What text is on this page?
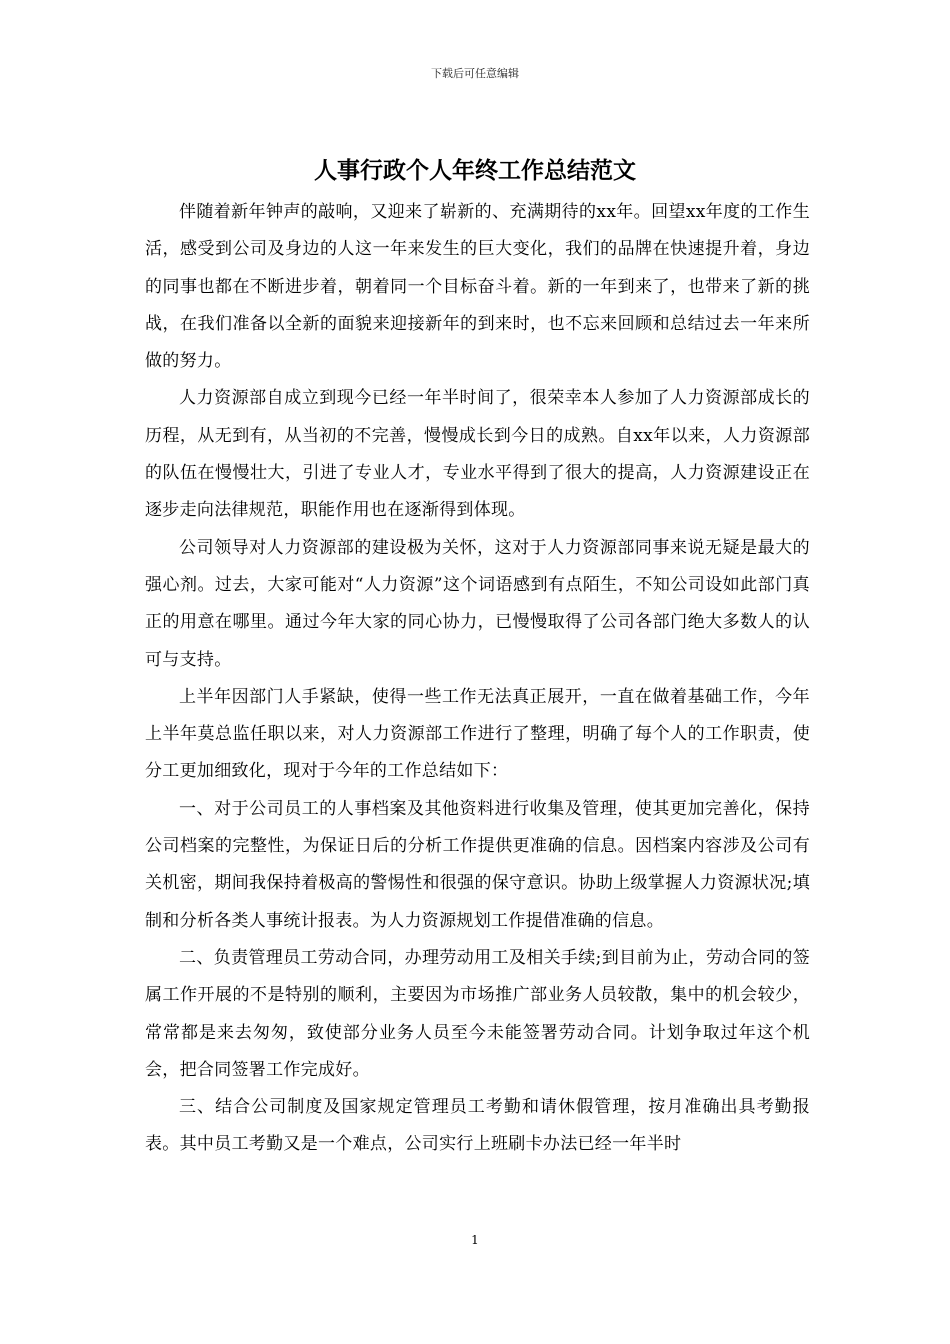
下载后可任意编辑
人事行政个人年终工作总结范文

伴随着新年钟声的敲响，又迎来了崭新的、充满期待的xx年。回望xx年度的工作生活，感受到公司及身边的人这一年来发生的巨大变化，我们的品牌在快速提升着，身边的同事也都在不断进步着，朝着同一个目标奋斗着。新的一年到来了，也带来了新的挑战，在我们准备以全新的面貌来迎接新年的到来时，也不忘来回顾和总结过去一年来所做的努力。

人力资源部自成立到现今已经一年半时间了，很荣幸本人参加了人力资源部成长的历程，从无到有，从当初的不完善，慢慢成长到今日的成熟。自xx年以来，人力资源部的队伍在慢慢壮大，引进了专业人才，专业水平得到了很大的提高，人力资源建设正在逐步走向法律规范，职能作用也在逐渐得到体现。

公司领导对人力资源部的建设极为关怀，这对于人力资源部同事来说无疑是最大的强心剂。过去，大家可能对“人力资源”这个词语感到有点陌生，不知公司设如此部门真正的用意在哪里。通过今年大家的同心协力，已慢慢取得了公司各部门绝大多数人的认可与支持。

上半年因部门人手紧缺，使得一些工作无法真正展开，一直在做着基础工作，今年上半年莫总监任职以来，对人力资源部工作进行了整理，明确了每个人的工作职责，使分工更加细致化，现对于今年的工作总结如下：

一、对于公司员工的人事档案及其他资料进行收集及管理，使其更加完善化，保持公司档案的完整性，为保证日后的分析工作提供更准确的信息。因档案内容涉及公司有关机密，期间我保持着极高的警惕性和很强的保守意识。协助上级掌握人力资源状况;填制和分析各类人事统计报表。为人力资源规划工作提借准确的信息。

二、负责管理员工劳动合同，办理劳动用工及相关手续;到目前为止，劳动合同的签属工作开展的不是特别的顺利，主要因为市场推广部业务人员较散，集中的机会较少，常常都是来去匆匆，致使部分业务人员至今未能签署劳动合同。计划争取过年这个机会，把合同签署工作完成好。

三、结合公司制度及国家规定管理员工考勤和请休假管理，按月准确出具考勤报表。其中员工考勤又是一个难点，公司实行上班刷卡办法已经一年半时

1
